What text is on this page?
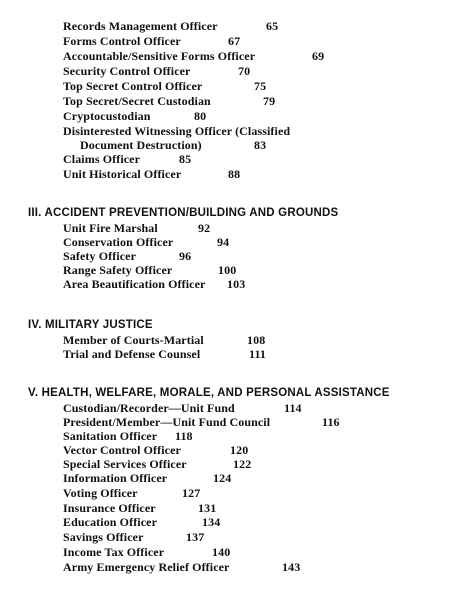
Records Management Officer	65
Forms Control Officer	67
Accountable/Sensitive Forms Officer	69
Security Control Officer	70
Top Secret Control Officer	75
Top Secret/Secret Custodian	79
Cryptocustodian	80
Disinterested Witnessing Officer (Classified
Document Destruction)	83
Claims Officer	85
Unit Historical Officer	88
III. ACCIDENT PREVENTION/BUILDING AND GROUNDS
Unit Fire Marshal	92
Conservation Officer	94
Safety Officer	96
Range Safety Officer	100
Area Beautification Officer 103
IV. MILITARY JUSTICE
Member of Courts-Martial	108
Trial and Defense Counsel	111
V. HEALTH, WELFARE, MORALE, AND PERSONAL ASSISTANCE
Custodian/Recorder—Unit Fund	114
President/Member—Unit Fund Council	116
Sanitation Officer 118
Vector Control Officer	120
Special Services Officer	122
Information Officer	124
Voting Officer	127
Insurance Officer	131
Education Officer	134
Savings Officer	137
Income Tax Officer	140
Army Emergency Relief Officer	143
